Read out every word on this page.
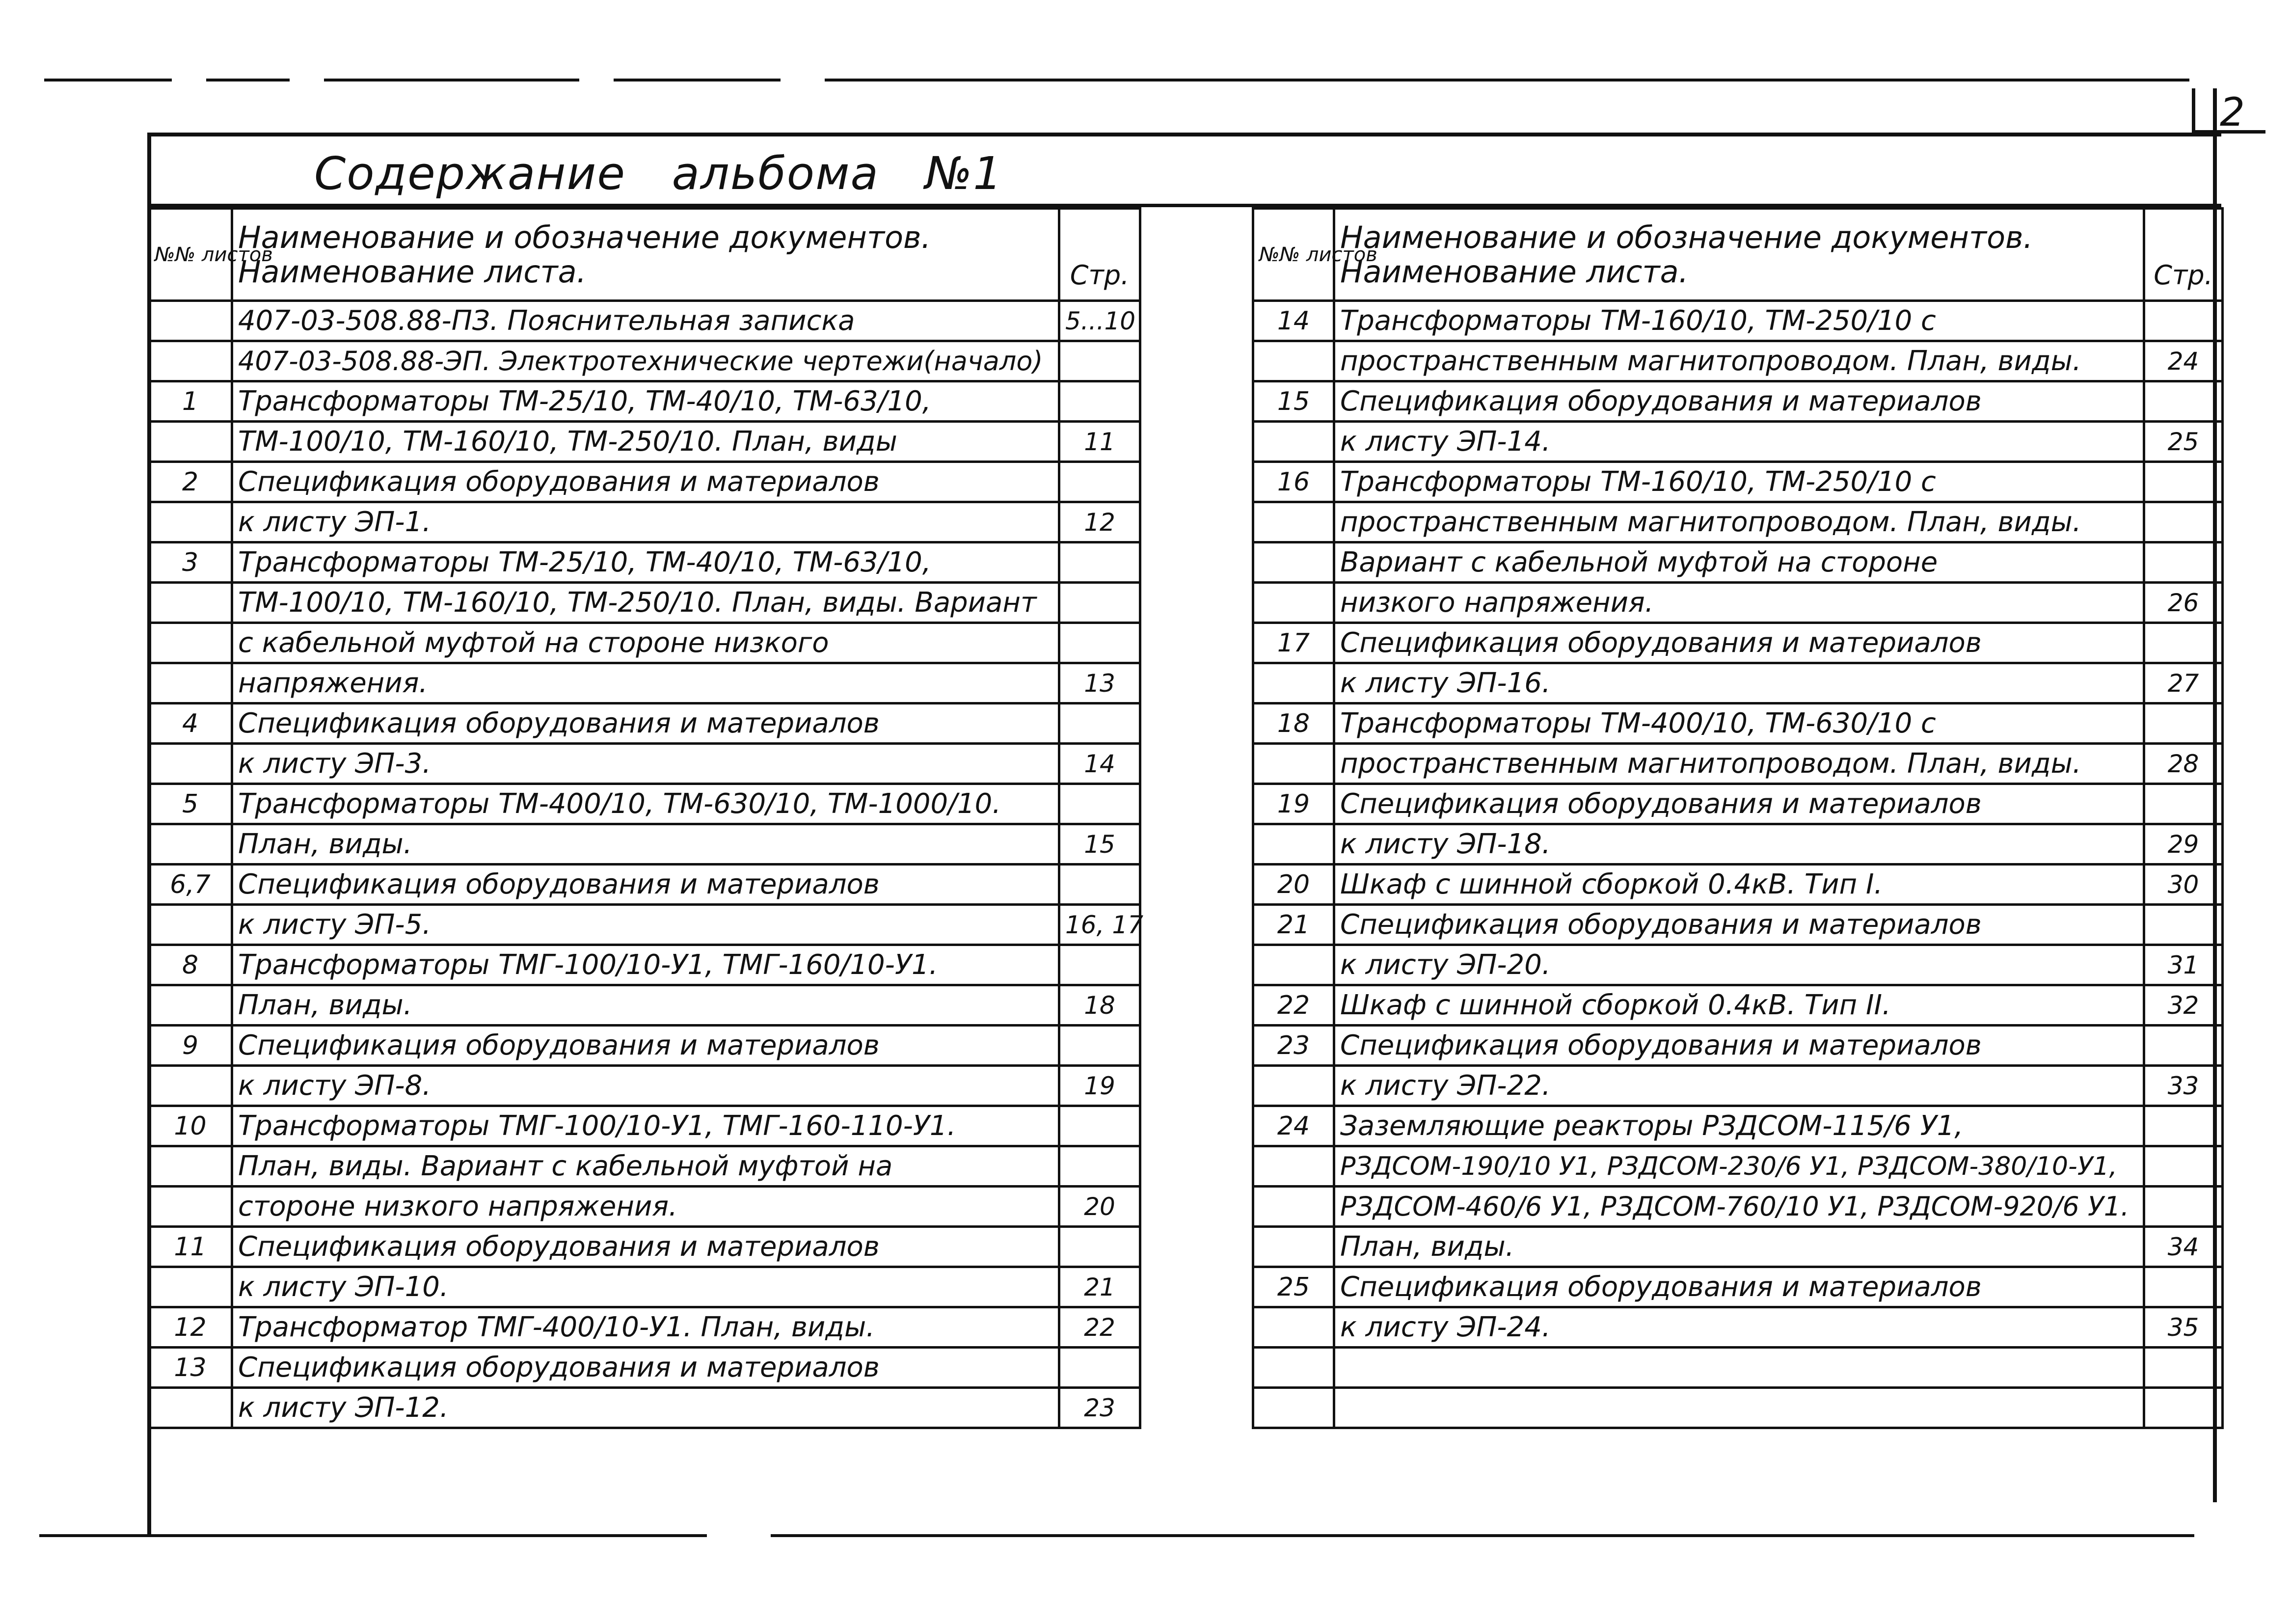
2
Содержание   альбома   №1
№№ листов	Наименование и обозначение документов.
Наименование листа.	Стр.
	407-03-508.88-ПЗ. Пояснительная записка	5...10
	407-03-508.88-ЭП. Электротехнические чертежи(начало)	
1	Трансформаторы ТМ-25/10, ТМ-40/10, ТМ-63/10,	
	ТМ-100/10, ТМ-160/10, ТМ-250/10. План, виды	11
2	Спецификация оборудования и материалов	
	к листу ЭП-1.	12
3	Трансформаторы ТМ-25/10, ТМ-40/10, ТМ-63/10,	
	ТМ-100/10, ТМ-160/10, ТМ-250/10. План, виды. Вариант	
	с кабельной муфтой на стороне низкого	
	напряжения.	13
4	Спецификация оборудования и материалов	
	к листу ЭП-3.	14
5	Трансформаторы ТМ-400/10, ТМ-630/10, ТМ-1000/10.	
	План, виды.	15
6,7	Спецификация оборудования и материалов	
	к листу ЭП-5.	16, 17
8	Трансформаторы ТМГ-100/10-У1, ТМГ-160/10-У1.	
	План, виды.	18
9	Спецификация оборудования и материалов	
	к листу ЭП-8.	19
10	Трансформаторы ТМГ-100/10-У1, ТМГ-160-110-У1.	
	План, виды. Вариант с кабельной муфтой на	
	стороне низкого напряжения.	20
11	Спецификация оборудования и материалов	
	к листу ЭП-10.	21
12	Трансформатор ТМГ-400/10-У1. План, виды.	22
13	Спецификация оборудования и материалов	
	к листу ЭП-12.	23
№№ листов	Наименование и обозначение документов.
Наименование листа.	Стр.
14	Трансформаторы ТМ-160/10, ТМ-250/10 с	
	пространственным магнитопроводом. План, виды.	24
15	Спецификация оборудования и материалов	
	к листу ЭП-14.	25
16	Трансформаторы ТМ-160/10, ТМ-250/10 с	
	пространственным магнитопроводом. План, виды.	
	Вариант с кабельной муфтой на стороне	
	низкого напряжения.	26
17	Спецификация оборудования и материалов	
	к листу ЭП-16.	27
18	Трансформаторы ТМ-400/10, ТМ-630/10 с	
	пространственным магнитопроводом. План, виды.	28
19	Спецификация оборудования и материалов	
	к листу ЭП-18.	29
20	Шкаф с шинной сборкой 0.4кВ. Тип I.	30
21	Спецификация оборудования и материалов	
	к листу ЭП-20.	31
22	Шкаф с шинной сборкой 0.4кВ. Тип II.	32
23	Спецификация оборудования и материалов	
	к листу ЭП-22.	33
24	Заземляющие реакторы РЗДСОМ-115/6 У1,	
	РЗДСОМ-190/10 У1, РЗДСОМ-230/6 У1, РЗДСОМ-380/10-У1,	
	РЗДСОМ-460/6 У1, РЗДСОМ-760/10 У1, РЗДСОМ-920/6 У1.	
	План, виды.	34
25	Спецификация оборудования и материалов	
	к листу ЭП-24.	35
